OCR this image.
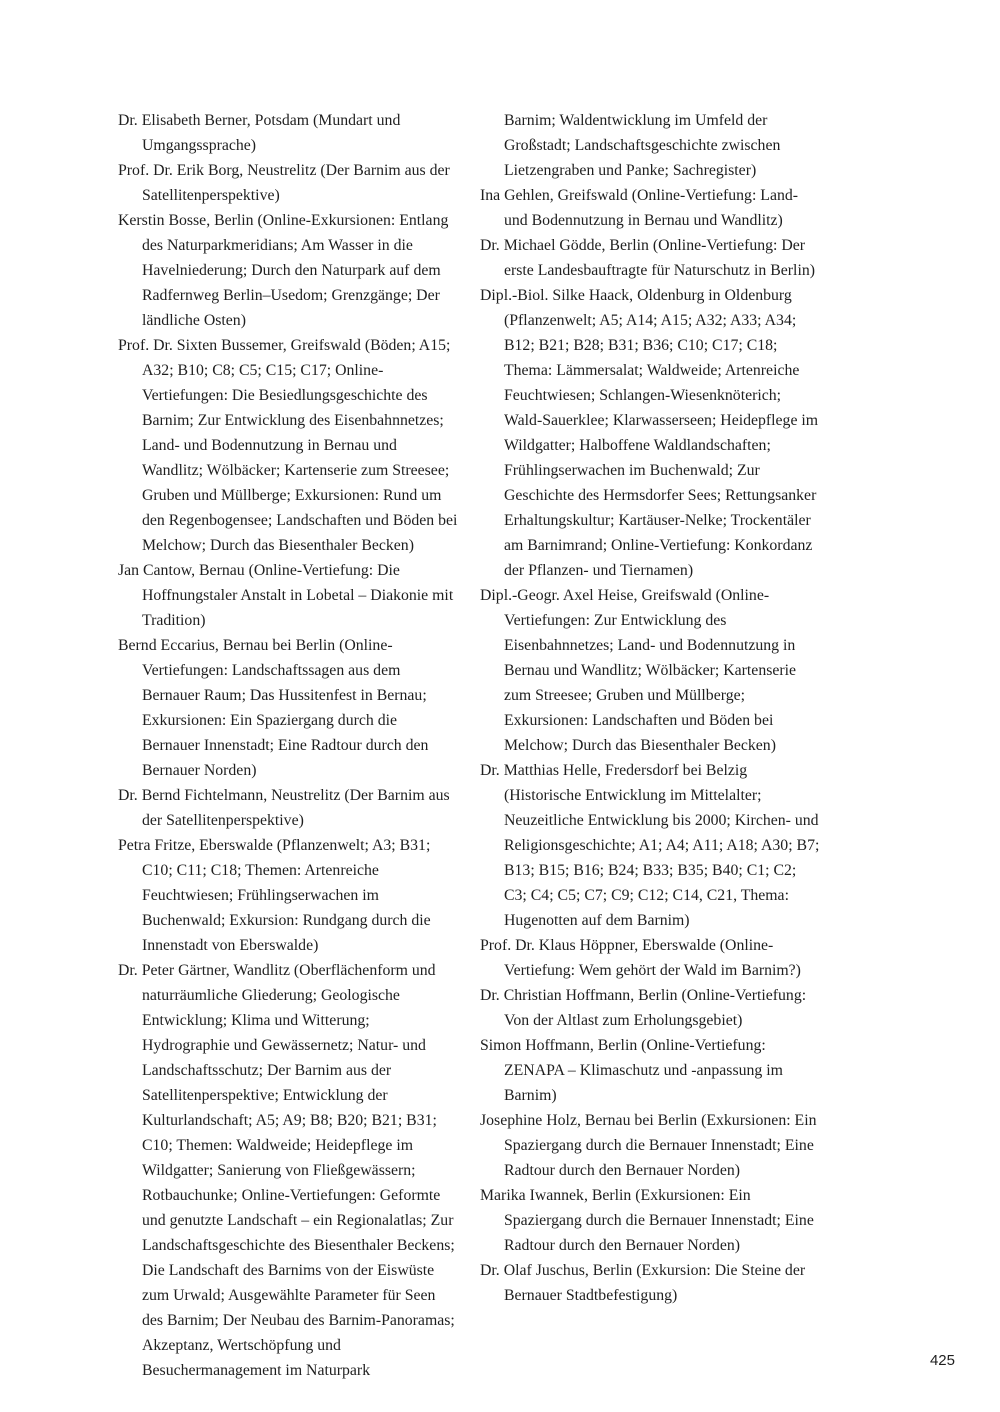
Dr. Elisabeth Berner, Potsdam (Mundart und Umgangssprache)

Prof. Dr. Erik Borg, Neustrelitz (Der Barnim aus der Satellitenperspektive)

Kerstin Bosse, Berlin (Online-Exkursionen: Entlang des Naturparkmeridians; Am Wasser in die Havelniederung; Durch den Naturpark auf dem Radfernweg Berlin–Usedom; Grenzgänge; Der ländliche Osten)

Prof. Dr. Sixten Bussemer, Greifswald (Böden; A15; A32; B10; C8; C5; C15; C17; Online-Vertiefungen: Die Besiedlungsgeschichte des Barnim; Zur Entwicklung des Eisenbahnnetzes; Land- und Bodennutzung in Bernau und Wandlitz; Wölbäcker; Kartenserie zum Streesee; Gruben und Müllberge; Exkursionen: Rund um den Regenbogensee; Landschaften und Böden bei Melchow; Durch das Biesenthaler Becken)

Jan Cantow, Bernau (Online-Vertiefung: Die Hoffnungstaler Anstalt in Lobetal – Diakonie mit Tradition)

Bernd Eccarius, Bernau bei Berlin (Online-Vertiefungen: Landschaftssagen aus dem Bernauer Raum; Das Hussitenfest in Bernau; Exkursionen: Ein Spaziergang durch die Bernauer Innenstadt; Eine Radtour durch den Bernauer Norden)

Dr. Bernd Fichtelmann, Neustrelitz (Der Barnim aus der Satellitenperspektive)

Petra Fritze, Eberswalde (Pflanzenwelt; A3; B31; C10; C11; C18; Themen: Artenreiche Feuchtwiesen; Frühlingserwachen im Buchenwald; Exkursion: Rundgang durch die Innenstadt von Eberswalde)

Dr. Peter Gärtner, Wandlitz (Oberflächenform und naturräumliche Gliederung; Geologische Entwicklung; Klima und Witterung; Hydrographie und Gewässernetz; Natur- und Landschaftsschutz; Der Barnim aus der Satellitenperspektive; Entwicklung der Kulturlandschaft; A5; A9; B8; B20; B21; B31; C10; Themen: Waldweide; Heidepflege im Wildgatter; Sanierung von Fließgewässern; Rotbauchunke; Online-Vertiefungen: Geformte und genutzte Landschaft – ein Regionalatlas; Zur Landschaftsgeschichte des Biesenthaler Beckens; Die Landschaft des Barnims von der Eiswüste zum Urwald; Ausgewählte Parameter für Seen des Barnim; Der Neubau des Barnim-Panoramas; Akzeptanz, Wertschöpfung und Besuchermanagement im Naturpark

Barnim; Waldentwicklung im Umfeld der Großstadt; Landschaftsgeschichte zwischen Lietzengraben und Panke; Sachregister)

Ina Gehlen, Greifswald (Online-Vertiefung: Land- und Bodennutzung in Bernau und Wandlitz)

Dr. Michael Gödde, Berlin (Online-Vertiefung: Der erste Landesbauftragte für Naturschutz in Berlin)

Dipl.-Biol. Silke Haack, Oldenburg in Oldenburg (Pflanzenwelt; A5; A14; A15; A32; A33; A34; B12; B21; B28; B31; B36; C10; C17; C18; Thema: Lämmersalat; Waldweide; Artenreiche Feuchtwiesen; Schlangen-Wiesenknöterich; Wald-Sauerklee; Klarwasserseen; Heidepflege im Wildgatter; Halboffene Waldlandschaften; Frühlingserwachen im Buchenwald; Zur Geschichte des Hermsdorfer Sees; Rettungsanker Erhaltungskultur; Kartäuser-Nelke; Trockentäler am Barnimrand; Online-Vertiefung: Konkordanz der Pflanzen- und Tiernamen)

Dipl.-Geogr. Axel Heise, Greifswald (Online-Vertiefungen: Zur Entwicklung des Eisenbahnnetzes; Land- und Bodennutzung in Bernau und Wandlitz; Wölbäcker; Kartenserie zum Streesee; Gruben und Müllberge; Exkursionen: Landschaften und Böden bei Melchow; Durch das Biesenthaler Becken)

Dr. Matthias Helle, Fredersdorf bei Belzig (Historische Entwicklung im Mittelalter; Neuzeitliche Entwicklung bis 2000; Kirchen- und Religionsgeschichte; A1; A4; A11; A18; A30; B7; B13; B15; B16; B24; B33; B35; B40; C1; C2; C3; C4; C5; C7; C9; C12; C14, C21, Thema: Hugenotten auf dem Barnim)

Prof. Dr. Klaus Höppner, Eberswalde (Online-Vertiefung: Wem gehört der Wald im Barnim?)

Dr. Christian Hoffmann, Berlin (Online-Vertiefung: Von der Altlast zum Erholungsgebiet)

Simon Hoffmann, Berlin (Online-Vertiefung: ZENAPA – Klimaschutz und -anpassung im Barnim)

Josephine Holz, Bernau bei Berlin (Exkursionen: Ein Spaziergang durch die Bernauer Innenstadt; Eine Radtour durch den Bernauer Norden)

Marika Iwannek, Berlin (Exkursionen: Ein Spaziergang durch die Bernauer Innenstadt; Eine Radtour durch den Bernauer Norden)

Dr. Olaf Juschus, Berlin (Exkursion: Die Steine der Bernauer Stadtbefestigung)

425
